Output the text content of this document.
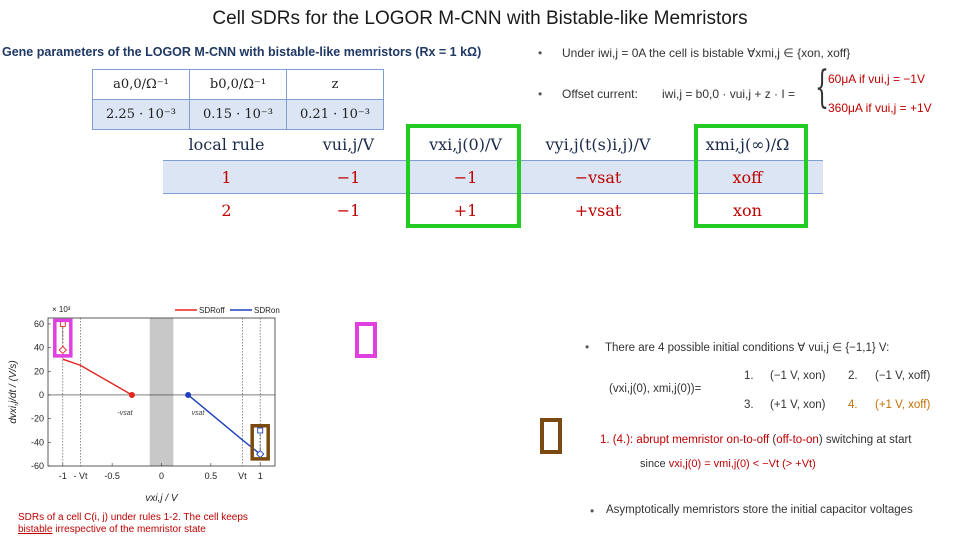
Cell SDRs for the LOGOR M-CNN with Bistable-like Memristors
Gene parameters of the LOGOR M-CNN with bistable-like memristors (Rx = 1 kΩ)
a0,0/Ω⁻¹	b0,0/Ω⁻¹	z
2.25 · 10⁻³	0.15 · 10⁻³	0.21 · 10⁻³
• Under iwi,j = 0A the cell is bistable ∀xmi,j ∈ {xon, xoff}
• Offset current: iwi,j = b0,0 · vui,j + z · I = { 60μA if vui,j = −1V
360μA if vui,j = +1V
local rule	vui,j/V	vxi,j(0)/V	vyi,j(t(s)i,j)/V	xmi,j(∞)/Ω
1	−1	−1	−vsat	xoff
2	−1	+1	+vsat	xon
-60
-40
-20
0
20
40
60
-1	-0.5	0	0.5	1
- Vt	Vt
× 10³
vxi,j / V
dvxi,j/dt / (V/s)	-vsat	vsat
SDRoff	SDRon
SDRs of a cell C(i, j) under rules 1-2. The cell keeps
bistable irrespective of the memristor state
• There are 4 possible initial conditions ∀ vui,j ∈ {−1,1} V:
(vxi,j(0), xmi,j(0))=
1. (−1 V, xon) 2. (−1 V, xoff)
3. (+1 V, xon) 4. (+1 V, xoff)
1. (4.): abrupt memristor on-to-off (off-to-on) switching at start
since vxi,j(0) = vmi,j(0) < −Vt (> +Vt)
• Asymptotically memristors store the initial capacitor voltages
